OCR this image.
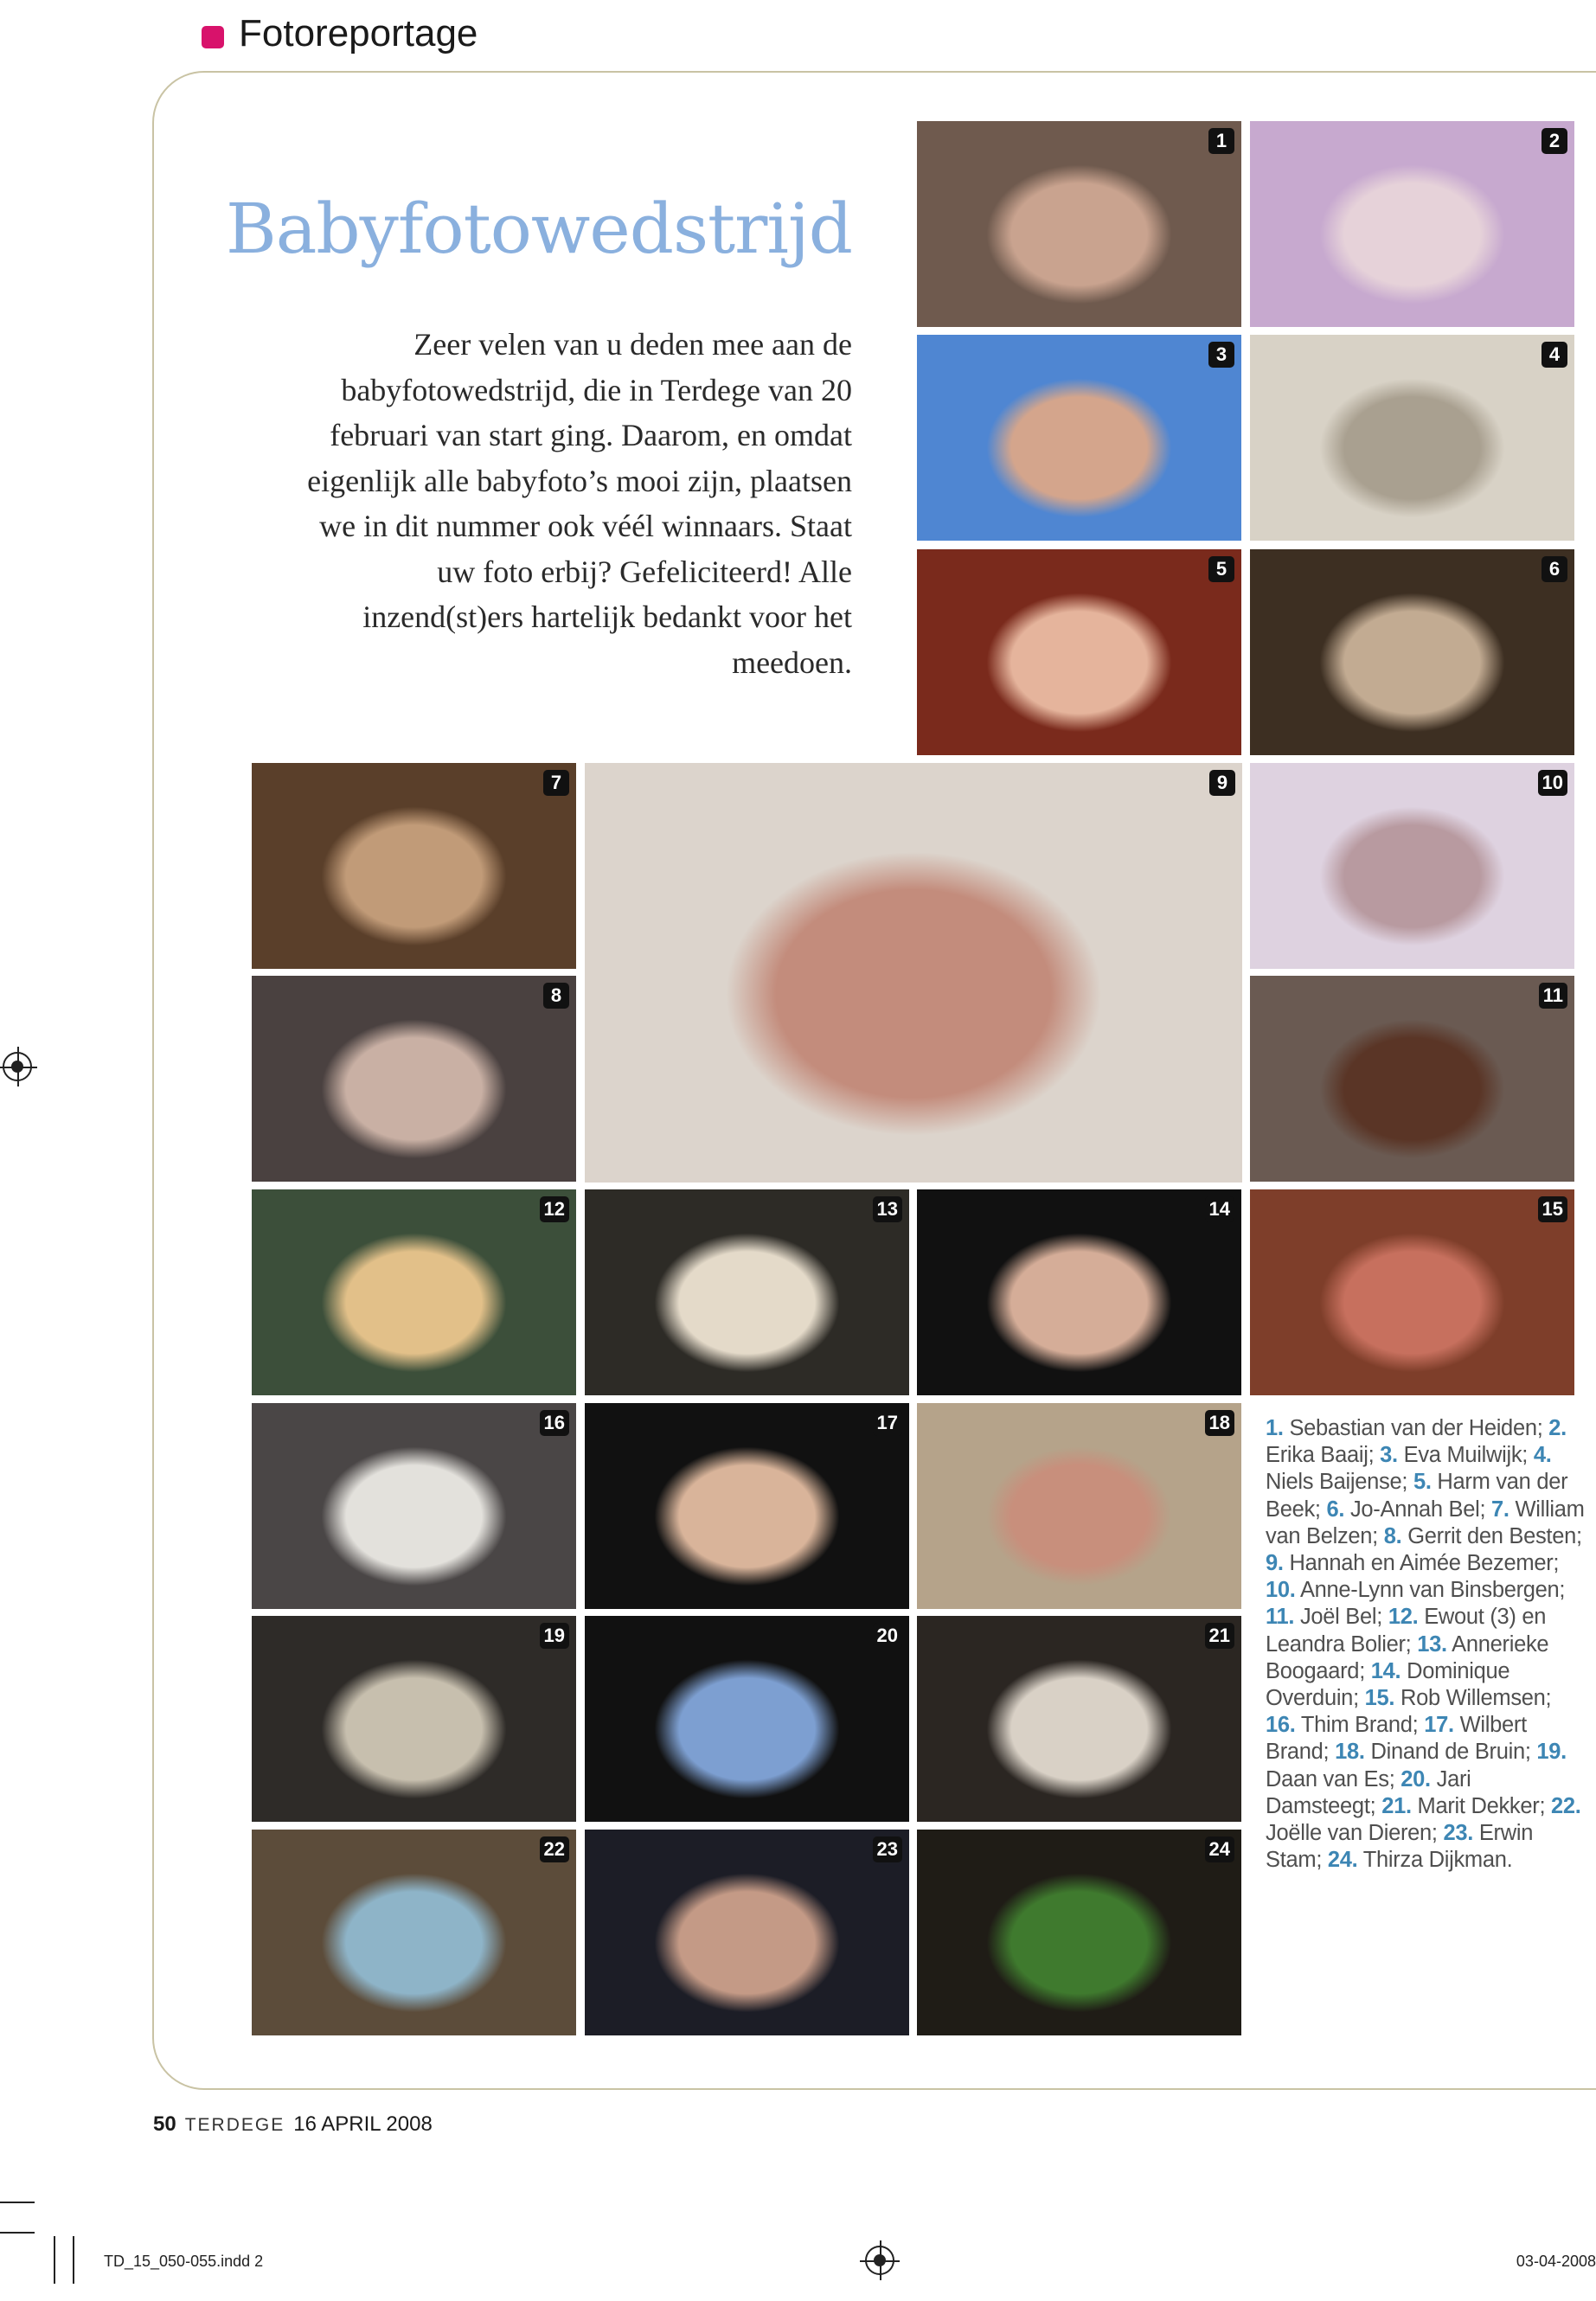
Fotoreportage
Babyfotowedstrijd
Zeer velen van u deden mee aan de babyfotowedstrijd, die in Terdege van 20 februari van start ging. Daarom, en omdat eigenlijk alle babyfoto’s mooi zijn, plaatsen we in dit nummer ook véél winnaars. Staat uw foto erbij? Gefeliciteerd! Alle inzend(st)ers hartelijk bedankt voor het meedoen.
1	2
3	4
5	6
7
8
9	10
11
12	13	14	15
16	17	18
19	20	21
22	23	24
1. Sebastian van der Heiden; 2. Erika Baaij; 3. Eva Muilwijk; 4. Niels Baijense; 5. Harm van der Beek; 6. Jo-Annah Bel; 7. William van Belzen; 8. Gerrit den Besten; 9. Hannah en Aimée Bezemer; 10. Anne-Lynn van Binsbergen; 11. Joël Bel; 12. Ewout (3) en Leandra Bolier; 13. Annerieke Boogaard; 14. Dominique Overduin; 15. Rob Willemsen; 16. Thim Brand; 17. Wilbert Brand; 18. Dinand de Bruin; 19. Daan van Es; 20. Jari Damsteegt; 21. Marit Dekker; 22. Joëlle van Dieren; 23. Erwin Stam; 24. Thirza Dijkman.
50 TERDEGE 16 APRIL 2008
TD_15_050-055.indd 2	03-04-2008
